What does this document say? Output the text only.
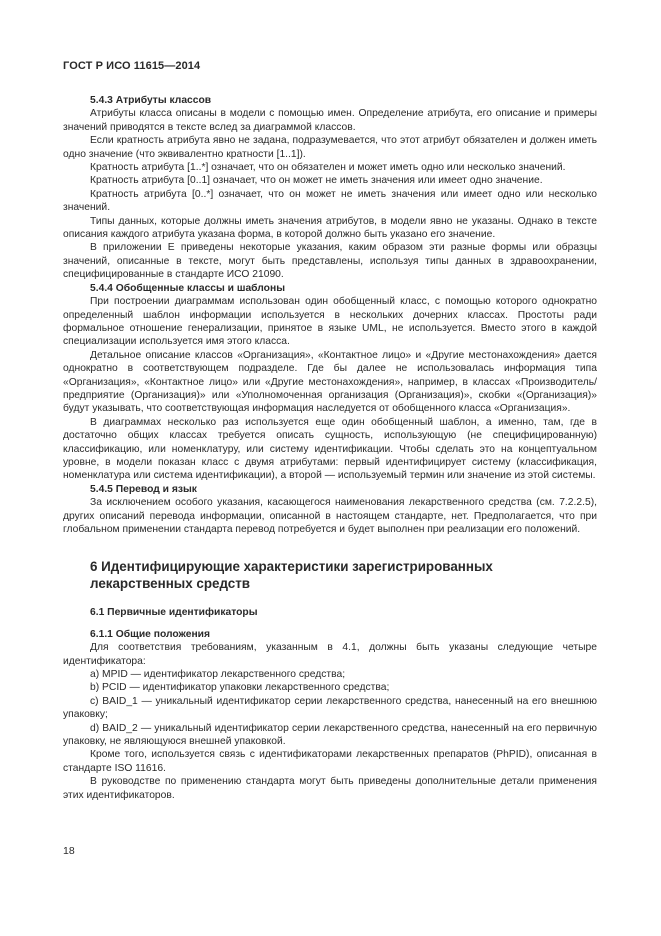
ГОСТ Р ИСО 11615—2014
5.4.3 Атрибуты классов

Атрибуты класса описаны в модели с помощью имен. Определение атрибута, его описание и примеры значений приводятся в тексте вслед за диаграммой классов.

Если кратность атрибута явно не задана, подразумевается, что этот атрибут обязателен и должен иметь одно значение (что эквивалентно кратности [1..1]).

Кратность атрибута [1..*] означает, что он обязателен и может иметь одно или несколько значений.

Кратность атрибута [0..1] означает, что он может не иметь значения или имеет одно значение.

Кратность атрибута [0..*] означает, что он может не иметь значения или имеет одно или несколько значений.

Типы данных, которые должны иметь значения атрибутов, в модели явно не указаны. Однако в тексте описания каждого атрибута указана форма, в которой должно быть указано его значение.

В приложении Е приведены некоторые указания, каким образом эти разные формы или образцы значений, описанные в тексте, могут быть представлены, используя типы данных в здравоохранении, специфицированные в стандарте ИСО 21090.

5.4.4 Обобщенные классы и шаблоны

При построении диаграммам использован один обобщенный класс, с помощью которого однократно определенный шаблон информации используется в нескольких дочерних классах. Простоты ради формальное отношение генерализации, принятое в языке UML, не используется. Вместо этого в каждой специализации используется имя этого класса.

Детальное описание классов «Организация», «Контактное лицо» и «Другие местонахождения» дается однократно в соответствующем подразделе. Где бы далее не использовалась информация типа «Организация», «Контактное лицо» или «Другие местонахождения», например, в классах «Производитель/предприятие (Организация)» или «Уполномоченная организация (Организация)», скобки «(Организация)» будут указывать, что соответствующая информация наследуется от обобщенного класса «Организация».

В диаграммах несколько раз используется еще один обобщенный шаблон, а именно, там, где в достаточно общих классах требуется описать сущность, использующую (не специфицированную) классификацию, или номенклатуру, или систему идентификации. Чтобы сделать это на концептуальном уровне, в модели показан класс с двумя атрибутами: первый идентифицирует систему (классификация, номенклатура или система идентификации), а второй — используемый термин или значение из этой системы.

5.4.5 Перевод и язык

За исключением особого указания, касающегося наименования лекарственного средства (см. 7.2.2.5), других описаний перевода информации, описанной в настоящем стандарте, нет. Предполагается, что при глобальном применении стандарта перевод потребуется и будет выполнен при реализации его положений.

6 Идентифицирующие характеристики зарегистрированных лекарственных средств
6.1 Первичные идентификаторы
6.1.1 Общие положения

Для соответствия требованиям, указанным в 4.1, должны быть указаны следующие четыре идентификатора:

a) MPID — идентификатор лекарственного средства;

b) PCID — идентификатор упаковки лекарственного средства;

c) BAID_1 — уникальный идентификатор серии лекарственного средства, нанесенный на его внешнюю упаковку;

d) BAID_2 — уникальный идентификатор серии лекарственного средства, нанесенный на его первичную упаковку, не являющуюся внешней упаковкой.

Кроме того, используется связь с идентификаторами лекарственных препаратов (PhPID), описанная в стандарте ISO 11616.

В руководстве по применению стандарта могут быть приведены дополнительные детали применения этих идентификаторов.

18
